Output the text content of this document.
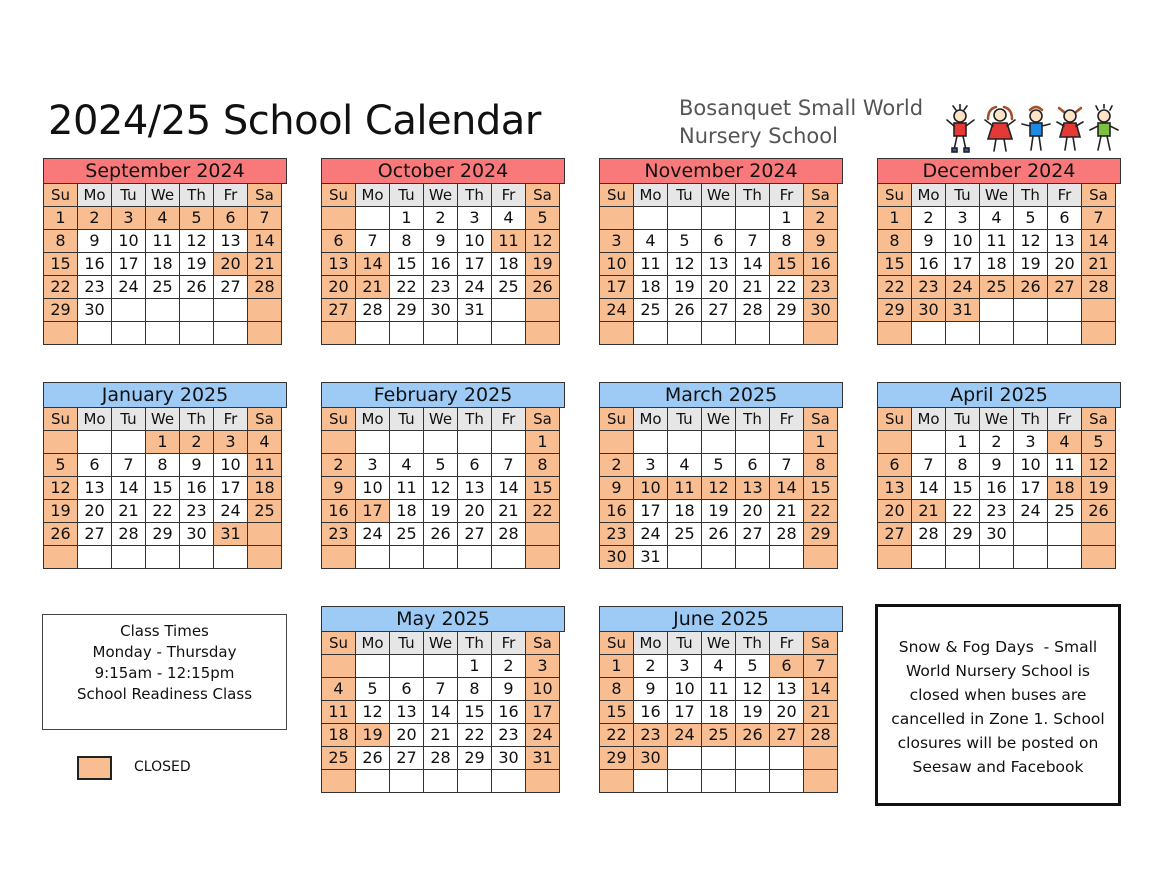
2024/25 School Calendar	Bosanquet Small World
Nursery School
September 2024
Su	Mo	Tu	We	Th	Fr	Sa
1	2	3	4	5	6	7
8	9	10	11	12	13	14
15	16	17	18	19	20	21
22	23	24	25	26	27	28
29	30					

October 2024
Su	Mo	Tu	We	Th	Fr	Sa
		1	2	3	4	5
6	7	8	9	10	11	12
13	14	15	16	17	18	19
20	21	22	23	24	25	26
27	28	29	30	31		

November 2024
Su	Mo	Tu	We	Th	Fr	Sa
					1	2
3	4	5	6	7	8	9
10	11	12	13	14	15	16
17	18	19	20	21	22	23
24	25	26	27	28	29	30

December 2024
Su	Mo	Tu	We	Th	Fr	Sa
1	2	3	4	5	6	7
8	9	10	11	12	13	14
15	16	17	18	19	20	21
22	23	24	25	26	27	28
29	30	31				

January 2025
Su	Mo	Tu	We	Th	Fr	Sa
			1	2	3	4
5	6	7	8	9	10	11
12	13	14	15	16	17	18
19	20	21	22	23	24	25
26	27	28	29	30	31	

February 2025
Su	Mo	Tu	We	Th	Fr	Sa
						1
2	3	4	5	6	7	8
9	10	11	12	13	14	15
16	17	18	19	20	21	22
23	24	25	26	27	28	

March 2025
Su	Mo	Tu	We	Th	Fr	Sa
						1
2	3	4	5	6	7	8
9	10	11	12	13	14	15
16	17	18	19	20	21	22
23	24	25	26	27	28	29
30	31					
April 2025
Su	Mo	Tu	We	Th	Fr	Sa
		1	2	3	4	5
6	7	8	9	10	11	12
13	14	15	16	17	18	19
20	21	22	23	24	25	26
27	28	29	30			

May 2025
Su	Mo	Tu	We	Th	Fr	Sa
				1	2	3
4	5	6	7	8	9	10
11	12	13	14	15	16	17
18	19	20	21	22	23	24
25	26	27	28	29	30	31

June 2025
Su	Mo	Tu	We	Th	Fr	Sa
1	2	3	4	5	6	7
8	9	10	11	12	13	14
15	16	17	18	19	20	21
22	23	24	25	26	27	28
29	30					

Class Times
Monday - Thursday
9:15am - 12:15pm
School Readiness Class
CLOSED
Snow & Fog Days  - Small
World Nursery School is
closed when buses are
cancelled in Zone 1. School
closures will be posted on
Seesaw and Facebook
